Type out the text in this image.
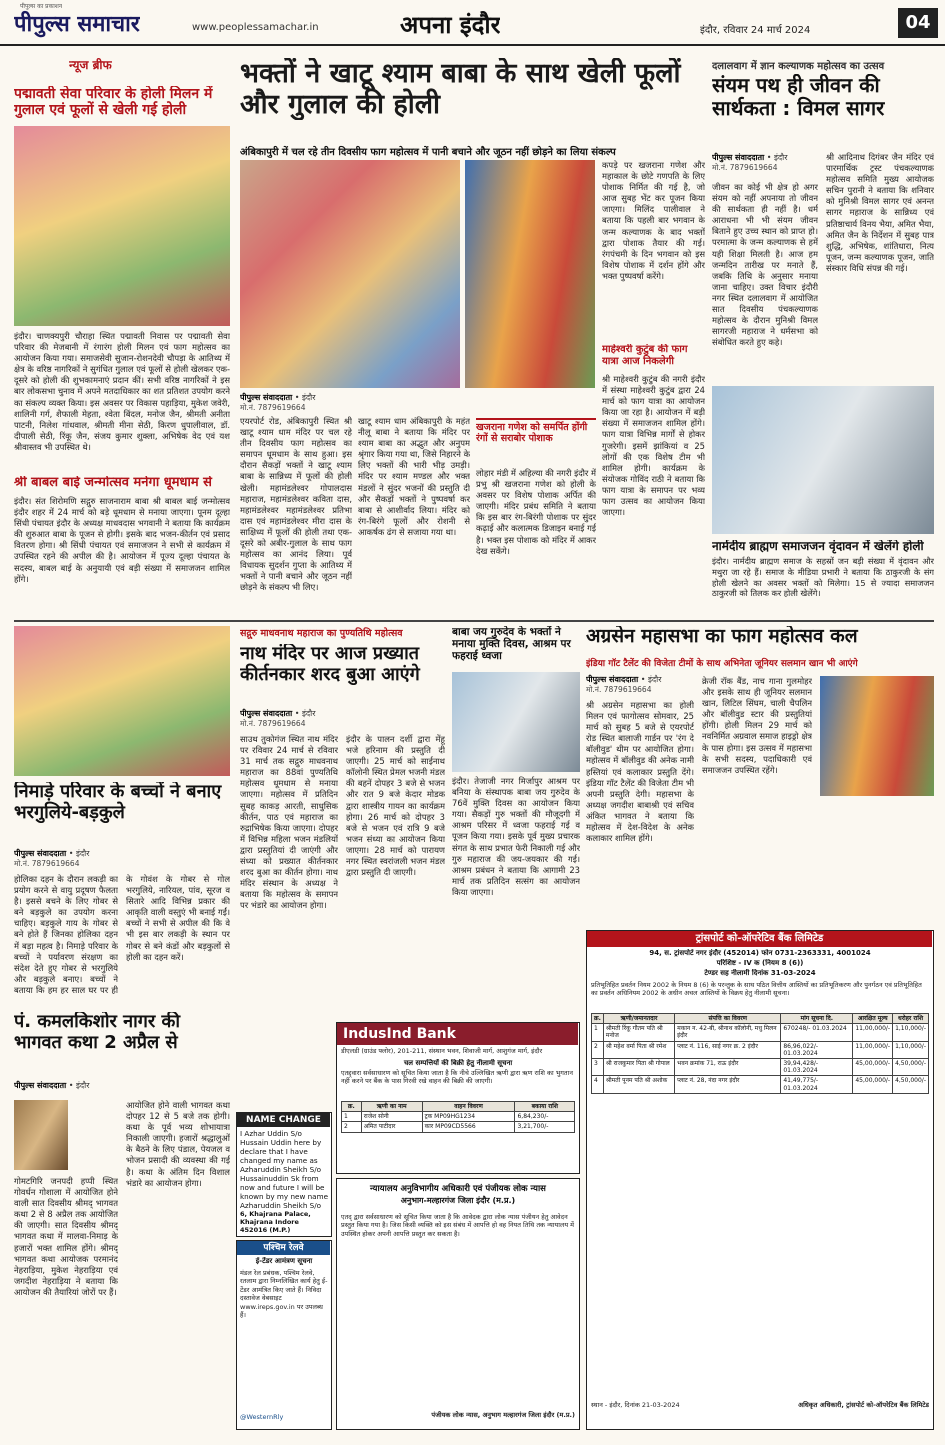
पीपुल्स का प्रकाशन
पीपुल्स समाचार	www.peoplessamachar.in	अपना इंदौर	इंदौर, रविवार 24 मार्च 2024	04
न्यूज ब्रीफ
पद्मावती सेवा परिवार के होली मिलन में गुलाल एवं फूलों से खेली गई होली
इंदौर। चाणक्यपुरी चौराहा स्थित पद्मावती निवास पर पद्मावती सेवा परिवार की मेजबानी में रंगारंग होली मिलन एवं फाग महोत्सव का आयोजन किया गया। समाजसेवी सुजान-रोशनदेवी चौपड़ा के आतिथ्य में क्षेत्र के वरिष्ठ नागरिकों ने सुगंधित गुलाल एवं फूलों से होली खेलकर एक-दूसरे को होली की शुभकामनाएं प्रदान कीं। सभी वरिष्ठ नागरिकों ने इस बार लोकसभा चुनाव में अपने मतदाधिकार का शत प्रतिशत उपयोग करने का संकल्प व्यक्त किया। इस अवसर पर विकास पहाड़िया, मुकेश जवेरी, शालिनी गर्ग, शैफाली मेहता, श्वेता बिंदल, मनोज जैन, श्रीमती अनीता पाटनी, निलेश गांधवाल, श्रीमती मीना सेठी, किरण धुपालीवाल, डॉ. दीपाली सेठी, रिंकू जैन, संजय कुमार शुक्ला, अभिषेक वेद एवं यश श्रीवास्तव भी उपस्थित थे।
श्री बाबल बाई जन्मोत्सव मनेगा धूमधाम से
इंदौर। संत शिरोमणि सद्गुरु साजनाराम बाबा श्री बाबल बाई जन्मोत्सव इंदौर शहर में 24 मार्च को बड़े धूमधाम से मनाया जाएगा। पूनम दूल्हा सिंधी पंचायत इंदौर के अध्यक्ष माधवदास भगवानी ने बताया कि कार्यक्रम की शुरुआत बाबा के पूजन से होगी। इसके बाद भजन-कीर्तन एवं प्रसाद वितरण होगा। श्री सिंधी पंचायत एवं समाजजन ने सभी से कार्यक्रम में उपस्थित रहने की अपील की है। आयोजन में पूज्य दूल्हा पंचायत के सदस्य, बाबल बाई के अनुयायी एवं बड़ी संख्या में समाजजन शामिल होंगे।
भक्तों ने खाटू श्याम बाबा के साथ खेली फूलों और गुलाल की होली
अंबिकापुरी में चल रहे तीन दिवसीय फाग महोत्सव में पानी बचाने और जूठन नहीं छोड़ने का लिया संकल्प
पीपुल्स संवाददाता • इंदौर
मो.नं. 7879619664
एयरपोर्ट रोड, अंबिकापुरी स्थित श्री खाटू श्याम धाम मंदिर पर चल रहे तीन दिवसीय फाग महोत्सव का समापन धूमधाम के साथ हुआ। इस दौरान सैकड़ों भक्तों ने खाटू श्याम बाबा के सान्निध्य में फूलों की होली खेली। महामंडलेश्वर गोपालदास महाराज, महामंडलेश्वर कविता दास, महामंडलेश्वर महामंडलेश्वर प्रतिभा दास एवं महामंडलेश्वर मीरा दास के साक्षिध्य में फूलों की होली तथा एक-दूसरे को अबीर-गुलाल के साथ फाग महोत्सव का आनंद लिया। पूर्व विधायक सुदर्शन गुप्ता के आतिथ्य में भक्तों ने पानी बचाने और जूठन नहीं छोड़ने के संकल्प भी लिए।
खाटू श्याम धाम अंबिकापुरी के महंत नीलू बाबा ने बताया कि मंदिर पर श्याम बाबा का अद्भुत और अनुपम श्रृंगार किया गया था, जिसे निहारने के लिए भक्तों की भारी भीड़ उमड़ी। मंदिर पर श्याम मण्डल और भक्त मंडलों ने सुंदर भजनों की प्रस्तुति दी और सैकड़ों भक्तों ने पुष्पवर्षा कर बाबा से आशीर्वाद लिया। मंदिर को रंग-बिरंगे फूलों और रोशनी से आकर्षक ढंग से सजाया गया था।
खजराना गणेश को समर्पित होंगी रंगों से सराबोर पोशाक
लोहार मंडी में अहिल्या की नगरी इंदौर में प्रभु श्री खजराना गणेश को होली के अवसर पर विशेष पोशाक अर्पित की जाएगी। मंदिर प्रबंध समिति ने बताया कि इस बार रंग-बिरंगी पोशाक पर सुंदर कढ़ाई और कलात्मक डिजाइन बनाई गई है। भक्त इस पोशाक को मंदिर में आकर देख सकेंगे।
कपड़े पर खजराना गणेश और महाकाल के छोटे गणपति के लिए पोशाक निर्मित की गई है, जो आज सुबह भेंट कर पूजन किया जाएगा। मिलिंद पालीवाल ने बताया कि पहली बार भगवान के जन्म कल्याणक के बाद भक्तों द्वारा पोशाक तैयार की गई। रंगपंचमी के दिन भगवान को इस विशेष पोशाक में दर्शन होंगे और भक्त पुष्पवर्षा करेंगे।
माहेश्वरी कुटुंब की फाग यात्रा आज निकलेगी
श्री माहेश्वरी कुटुंब की नगरी इंदौर में संस्था माहेश्वरी कुटुंब द्वारा 24 मार्च को फाग यात्रा का आयोजन किया जा रहा है। आयोजन में बड़ी संख्या में समाजजन शामिल होंगे। फाग यात्रा विभिन्न मार्गों से होकर गुजरेगी। इसमें झांकियां व 25 लोगों की एक विशेष टीम भी शामिल होगी। कार्यक्रम के संयोजक गोविंद राठी ने बताया कि फाग यात्रा के समापन पर भव्य फाग उत्सव का आयोजन किया जाएगा।
दलालवाग में ज्ञान कल्याणक महोत्सव का उत्सव
संयम पथ ही जीवन की सार्थकता : विमल सागर
पीपुल्स संवाददाता • इंदौर
मो.नं. 7879619664
जीवन का कोई भी क्षेत्र हो अगर संयम को नहीं अपनाया तो जीवन की सार्थकता ही नहीं है। धर्म आराधना भी भी संयम जीवन बिताने हुए उच्च स्थान को प्राप्त हो। परमात्मा के जन्म कल्याणक से हमें यही शिक्षा मिलती है। आज हम जन्मदिन तारीख पर मनाते हैं, जबकि तिथि के अनुसार मनाया जाना चाहिए। उक्त विचार इंदौरी नगर स्थित दलालवाग में आयोजित सात दिवसीय पंचकल्याणक महोत्सव के दौरान मुनिश्री विमल सागरजी महाराज ने धर्मसभा को संबोधित करते हुए कहे।
श्री आदिनाथ दिगंबर जैन मंदिर एवं पारमार्थिक ट्रस्ट पंचकल्याणक महोत्सव समिति मुख्य आयोजक सचिन पुरानी ने बताया कि शनिवार को मुनिश्री विमल सागर एवं अनन्त सागर महाराज के सान्निध्य एवं प्रतिष्ठाचार्य विनय भैया, अमित भैया, अमित जैन के निर्देशन में सुबह पात्र शुद्धि, अभिषेक, शांतिधारा, नित्य पूजन, जन्म कल्याणक पूजन, जाति संस्कार विधि संपन्न की गई।
नार्मदीय ब्राह्मण समाजजन वृंदावन में खेलेंगे होली
इंदौर। नार्मदीय ब्राह्मण समाज के सहस्रों जन बड़ी संख्या में वृंदावन और मथुरा जा रहे हैं। समाज के मीडिया प्रभारी ने बताया कि ठाकुरजी के संग होली खेलने का अवसर भक्तों को मिलेगा। 15 से ज्यादा समाजजन ठाकुरजी को तिलक कर होली खेलेंगे।
निमाड़े परिवार के बच्चों ने बनाए भरगुलिये-बड़कुले
पीपुल्स संवाददाता • इंदौर
मो.नं. 7879619664
होलिका दहन के दौरान लकड़ी का प्रयोग करने से वायु प्रदूषण फैलता है। इससे बचने के लिए गोबर से बने बड़कुले का उपयोग करना चाहिए। बड़कुले गाय के गोबर से बने होते हैं जिनका होलिका दहन में बड़ा महत्व है। निमाड़े परिवार के बच्चों ने पर्यावरण संरक्षण का संदेश देते हुए गोबर से भरगुलिये और बड़कुले बनाए। बच्चों ने बताया कि हम हर साल घर पर ही
के गोवंश के गोबर से गोल भरगुलिये, नारियल, पांव, सूरज व सितारे आदि विभिन्न प्रकार की आकृति वाली वस्तुएं भी बनाई गईं। बच्चों ने सभी से अपील की कि वे भी इस बार लकड़ी के स्थान पर गोबर से बने कंडों और बड़कुलों से होली का दहन करें।
सद्गुरु माधवनाथ महाराज का पुण्यतिथि महोत्सव
नाथ मंदिर पर आज प्रख्यात कीर्तनकार शरद बुआ आएंगे
पीपुल्स संवाददाता • इंदौर
मो.नं. 7879619664
साउथ तुकोगंज स्थित नाथ मंदिर पर रविवार 24 मार्च से रविवार 31 मार्च तक सद्गुरु माधवनाथ महाराज का 88वां पुण्यतिथि महोत्सव धूमधाम से मनाया जाएगा। महोत्सव में प्रतिदिन सुबह काकड़ आरती, साधुसिक कीर्तन, पाठ एवं महाराज का रुद्राभिषेक किया जाएगा। दोपहर में विभिन्न महिला भजन मंडलियों द्वारा प्रस्तुतियां दी जाएंगी और संध्या को प्रख्यात कीर्तनकार शरद बुआ का कीर्तन होगा। नाथ मंदिर संस्थान के अध्यक्ष ने बताया कि महोत्सव के समापन पर भंडारे का आयोजन होगा।
इंदौर के पालन दर्शी द्वारा मेंहू भजे हरिनाम की प्रस्तुति दी जाएगी। 25 मार्च को साईनाथ कॉलोनी स्थित प्रेमल भजनी मंडल की बहनें दोपहर 3 बजे से भजन और रात 9 बजे केदार मोडक द्वारा शास्त्रीय गायन का कार्यक्रम होगा। 26 मार्च को दोपहर 3 बजे से भजन एवं रात्रि 9 बजे भजन संध्या का आयोजन किया जाएगा। 28 मार्च को पारायण नगर स्थित स्वरांजली भजन मंडल द्वारा प्रस्तुति दी जाएगी।
बाबा जय गुरुदेव के भक्तों ने मनाया मुक्ति दिवस, आश्रम पर फहराई ध्वजा
इंदौर। तेजाजी नगर मिर्जापुर आश्रम पर बनिया के संस्थापक बाबा जय गुरुदेव के 76वें मुक्ति दिवस का आयोजन किया गया। सैकड़ों गुरु भक्तों की मौजूदगी में आश्रम परिसर में ध्वजा फहराई गई व पूजन किया गया। इसके पूर्व मुख्य प्रचारक संगत के साथ प्रभात फेरी निकाली गई और गुरु महाराज की जय-जयकार की गई। आश्रम प्रबंधन ने बताया कि आगामी 23 मार्च तक प्रतिदिन सत्संग का आयोजन किया जाएगा।
अग्रसेन महासभा का फाग महोत्सव कल
इंडिया गॉट टैलेंट की विजेता टीमों के साथ अभिनेता जूनियर सलमान खान भी आएंगे
पीपुल्स संवाददाता • इंदौर
मो.नं. 7879619664
श्री अग्रसेन महासभा का होली मिलन एवं फागोत्सव सोमवार, 25 मार्च को सुबह 5 बजे से एयरपोर्ट रोड स्थित बालाजी गार्डन पर 'रंग दे बॉलीवुड' थीम पर आयोजित होगा। महोत्सव में बॉलीवुड की अनेक नामी हस्तियां एवं कलाकार प्रस्तुति देंगे। इंडिया गॉट टैलेंट की विजेता टीम भी अपनी प्रस्तुति देगी। महासभा के अध्यक्ष जगदीश बाबाश्री एवं सचिव अंकित भागवत ने बताया कि महोत्सव में देश-विदेश के अनेक कलाकार शामिल होंगे।
क्रेजी रॉक बैंड, नाच गाना गुलमोहर और इसके साथ ही जूनियर सलमान खान, लिटिल सिंघम, चाली चैपलिन और बॉलीवुड स्टार की प्रस्तुतियां होंगी। होली मिलन 29 मार्च को नवनिर्मित अग्रवाल समाज हाइड्रो क्षेत्र के पास होगा। इस उत्सव में महासभा के सभी सदस्य, पदाधिकारी एवं समाजजन उपस्थित रहेंगे।
ट्रांसपोर्ट को-ऑपरेटिव बैंक लिमिटेड
94, स. ट्रांसपोर्ट नगर इंदौर (452014) फोन 0731-2363331, 4001024
परिशिष्ट - IV क (नियम 8 (6))
टेण्डर सह नीलामी दिनांक 31-03-2024
प्रतिभूतिहित प्रवर्तन नियम 2002 के नियम 8 (6) के परन्तुक के साथ पठित वित्तीय आस्तियों का प्रतिभूतिकरण और पुनर्गठन एवं प्रतिभूतिहित का प्रवर्तन अधिनियम 2002 के अधीन अचल आस्तियों के विक्रय हेतु नीलामी सूचना।
क्र.	ऋणी/जमानतदार	संपत्ति का विवरण	मांग सूचना दि.	आरक्षित मूल्य	धरोहर राशि
1	श्रीमती रिंकू गौतम पति श्री मनोज	मकान न. 42-बी, श्रीनाथ कॉलोनी, मधु मिलन इंदौर	670248/- 01.03.2024	11,00,000/-	1,10,000/-
2	श्री महेश वर्मा पिता श्री रमेश	प्लाट नं. 116, साई नगर क्र. 2 इंदौर	86,96,022/- 01.03.2024	11,00,000/-	1,10,000/-
3	श्री राजकुमार पिता श्री गोपाल	भवन क्रमांक 71, राऊ इंदौर	39,94,428/- 01.03.2024	45,00,000/-	4,50,000/-
4	श्रीमती पूनम पति श्री अशोक	प्लाट नं. 28, नंदा नगर इंदौर	41,49,775/- 01.03.2024	45,00,000/-	4,50,000/-
स्थान - इंदौर, दिनांक 21-03-2024	अधिकृत अधिकारी, ट्रांसपोर्ट को-ऑपरेटिव बैंक लिमिटेड
पं. कमलकिशोर नागर की भागवत कथा 2 अप्रैल से
पीपुल्स संवाददाता • इंदौर
गोमटगिरि जनपदी हप्पी स्थित गोवर्धन गोशाला में आयोजित होने वाली सात दिवसीय श्रीमद् भागवत कथा 2 से 8 अप्रैल तक आयोजित की जाएगी। सात दिवसीय श्रीमद् भागवत कथा में मालवा-निमाड़ के हजारों भक्त शामिल होंगे। श्रीमद् भागवत कथा आयोजक परमानंद नेहराड़िया, मुकेश नेहराड़िया एवं जगदीश नेहराड़िया ने बताया कि आयोजन की तैयारियां जोरों पर हैं।
आयोजित होने वाली भागवत कथा दोपहर 12 से 5 बजे तक होगी। कथा के पूर्व भव्य शोभायात्रा निकाली जाएगी। हजारों श्रद्धालुओं के बैठने के लिए पंडाल, पेयजल व भोजन प्रसादी की व्यवस्था की गई है। कथा के अंतिम दिन विशाल भंडारे का आयोजन होगा।
IndusInd Bank
डीएलडी (ग्राउंड फ्लोर), 201-211, संस्थान भवन, शिवाजी मार्ग, आशुगंज मार्ग, इंदौर
चल सम्पत्तियों की बिक्री हेतु नीलामी सूचना
एतद्द्वारा सर्वसाधारण को सूचित किया जाता है कि नीचे उल्लिखित ऋणी द्वारा ऋण राशि का भुगतान नहीं करने पर बैंक के पास गिरवी रखे वाहन की बिक्री की जाएगी।
क्र.	ऋणी का नाम	वाहन विवरण	बकाया राशि
1	राजेश सोनी	ट्रक MP09HG1234	6,84,230/-
2	अमित पाटीदार	कार MP09CD5566	3,21,700/-
NAME CHANGE
I Azhar Uddin S/o Hussain Uddin here by declare that I have changed my name as Azharuddin Sheikh S/o Hussainuddin Sk from now and future I will be known by my new name Azharuddin Sheikh S/o
6, Khajrana Palace, Khajrana Indore 452016 (M.P.)
पश्चिम रेलवे
ई-टेंडर आमंत्रण सूचना
मंडल रेल प्रबंधक, पश्चिम रेलवे, रतलाम द्वारा निम्नलिखित कार्य हेतु ई-टेंडर आमंत्रित किए जाते हैं। निविदा दस्तावेज वेबसाइट www.ireps.gov.in पर उपलब्ध हैं।
@WesternRly
न्यायालय अनुविभागीय अधिकारी एवं पंजीयक लोक न्यास
अनुभाग-मल्हारगंज जिला इंदौर (म.प्र.)
एतद् द्वारा सर्वसाधारण को सूचित किया जाता है कि आवेदक द्वारा लोक न्यास पंजीयन हेतु आवेदन प्रस्तुत किया गया है। जिस किसी व्यक्ति को इस संबंध में आपत्ति हो वह नियत तिथि तक न्यायालय में उपस्थित होकर अपनी आपत्ति प्रस्तुत कर सकता है।
पंजीयक लोक न्यास, अनुभाग मल्हारगंज जिला इंदौर (म.प्र.)
